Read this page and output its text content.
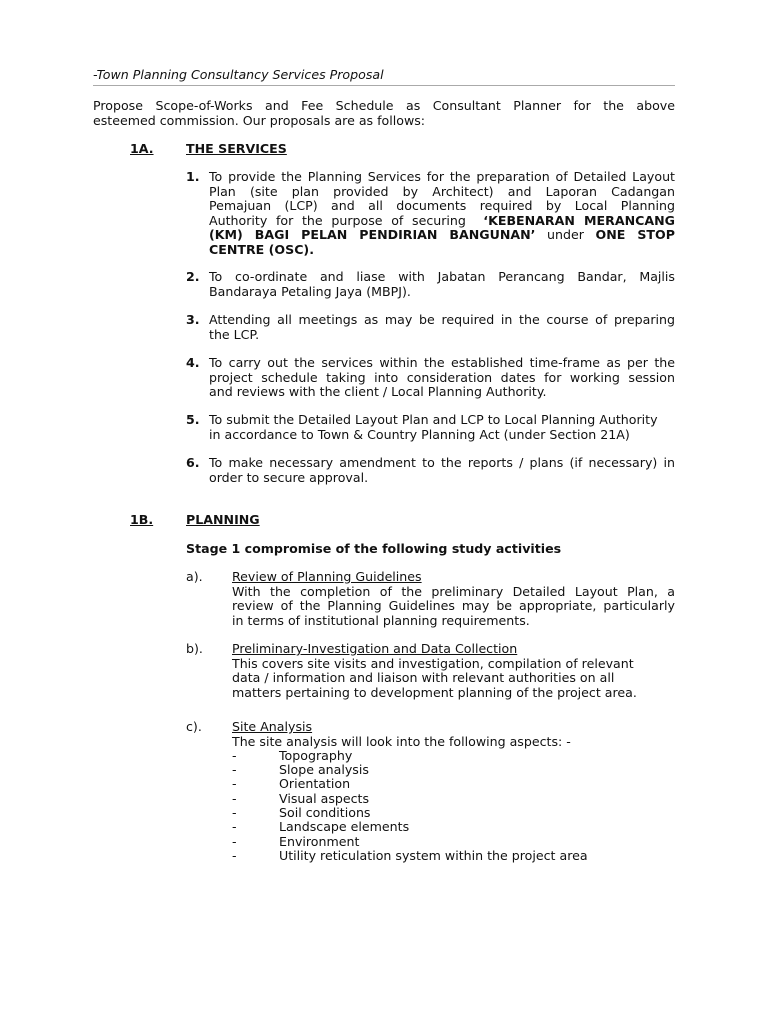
-Town Planning Consultancy Services Proposal
Propose Scope-of-Works and Fee Schedule as Consultant Planner for the above
esteemed commission. Our proposals are as follows:
1A.	THE SERVICES
1. To provide the Planning Services for the preparation of Detailed Layout
Plan (site plan provided by Architect) and Laporan Cadangan
Pemajuan (LCP) and all documents required by Local Planning
Authority for the purpose of securing ‘KEBENARAN MERANCANG
(KM) BAGI PELAN PENDIRIAN BANGUNAN’ under ONE STOP
CENTRE (OSC).
2. To co-ordinate and liase with Jabatan Perancang Bandar, Majlis
Bandaraya Petaling Jaya (MBPJ).
3. Attending all meetings as may be required in the course of preparing
the LCP.
4. To carry out the services within the established time-frame as per the
project schedule taking into consideration dates for working session
and reviews with the client / Local Planning Authority.
5. To submit the Detailed Layout Plan and LCP to Local Planning Authority
in accordance to Town & Country Planning Act (under Section 21A)
6. To make necessary amendment to the reports / plans (if necessary) in
order to secure approval.
1B.	PLANNING
Stage 1 compromise of the following study activities
a). Review of Planning Guidelines
With the completion of the preliminary Detailed Layout Plan, a
review of the Planning Guidelines may be appropriate, particularly
in terms of institutional planning requirements.
b). Preliminary-Investigation and Data Collection
This covers site visits and investigation, compilation of relevant
data / information and liaison with relevant authorities on all
matters pertaining to development planning of the project area.
c). Site Analysis
The site analysis will look into the following aspects: -
-	Topography
-	Slope analysis
-	Orientation
-	Visual aspects
-	Soil conditions
-	Landscape elements
-	Environment
-	Utility reticulation system within the project area
